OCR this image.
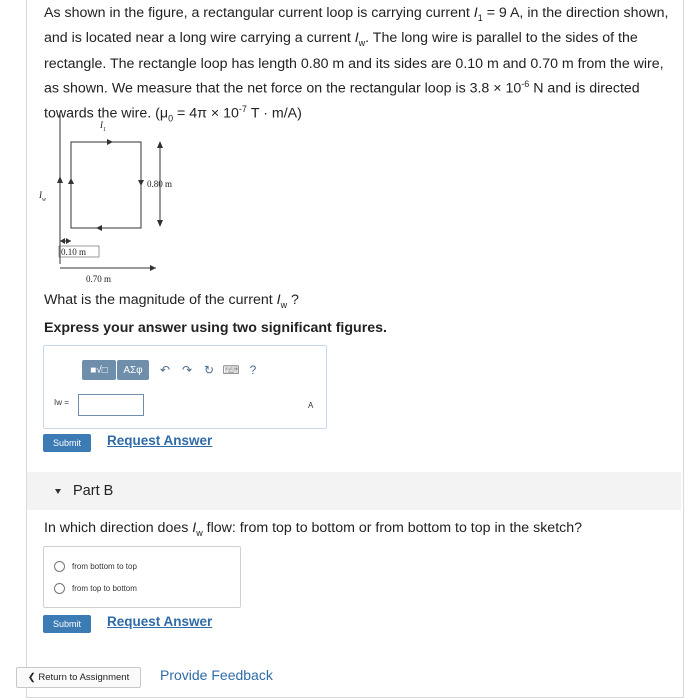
As shown in the figure, a rectangular current loop is carrying current $I_1 = 9$ A, in the direction shown, and is located near a long wire carrying a current $I_w$. The long wire is parallel to the sides of the rectangle. The rectangle loop has length 0.80 m and its sides are 0.10 m and 0.70 m from the wire, as shown. We measure that the net force on the rectangular loop is $3.8 \times 10^{-6}$ N and is directed towards the wire. ($\mu_0 = 4\pi \times 10^{-7}$ T · m/A)
$I_w$
$I_1$
0.80 m
0.10 m
0.70 m
What is the magnitude of the current $I_w$ ?
Express your answer using two significant figures.
■√□	ΑΣφ	↶ ↷ ↻ ⌨ ?
Iw =	A
Submit	Request Answer
Part B
In which direction does $I_w$ flow: from top to bottom or from bottom to top in the sketch?
from bottom to top
from top to bottom
Submit	Request Answer
❮ Return to Assignment	Provide Feedback
